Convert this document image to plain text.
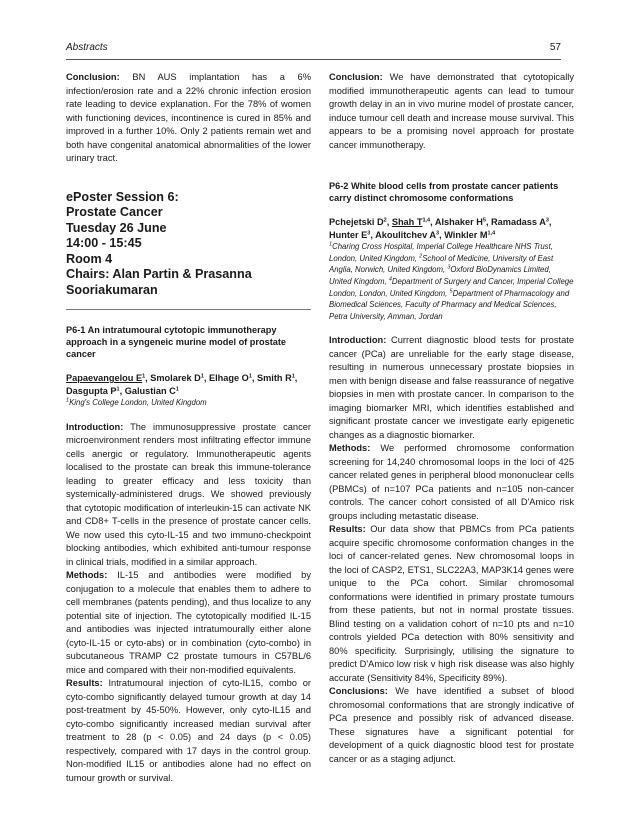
Abstracts	57

Conclusion: BN AUS implantation has a 6% infection/erosion rate and a 22% chronic infection erosion rate leading to device explanation. For the 78% of women with functioning devices, incontinence is cured in 85% and improved in a further 10%. Only 2 patients remain wet and both have congenital anatomical abnormalities of the lower urinary tract.

ePoster Session 6:
Prostate Cancer
Tuesday 26 June
14:00 - 15:45
Room 4
Chairs: Alan Partin & Prasanna
Sooriakumaran
P6-1 An intratumoural cytotopic immunotherapy approach in a syngeneic murine model of prostate cancer
Papaevangelou $E^1$, Smolarek $D^1$, Elhage $O^1$, Smith $R^1$, Dasgupta $P^1$, Galustian $C^1$
$^1$King's College London, United Kingdom

Introduction: The immunosuppressive prostate cancer microenvironment renders most infiltrating effector immune cells anergic or regulatory. Immunotherapeutic agents localised to the prostate can break this immune-tolerance leading to greater efficacy and less toxicity than systemically-administered drugs. We showed previously that cytotopic modification of interleukin-15 can activate NK and CD8+ T-cells in the presence of prostate cancer cells. We now used this cyto-IL-15 and two immuno-checkpoint blocking antibodies, which exhibited anti-tumour response in clinical trials, modified in a similar approach.

Methods: IL-15 and antibodies were modified by conjugation to a molecule that enables them to adhere to cell membranes (patents pending), and thus localize to any potential site of injection. The cytotopically modified IL-15 and antibodies was injected intratumourally either alone (cyto-IL-15 or cyto-abs) or in combination (cyto-combo) in subcutaneous TRAMP C2 prostate tumours in C57BL/6 mice and compared with their non-modified equivalents.

Results: Intratumoural injection of cyto-IL15, combo or cyto-combo significantly delayed tumour growth at day 14 post-treatment by 45-50%. However, only cyto-IL15 and cyto-combo significantly increased median survival after treatment to 28 (p < 0.05) and 24 days (p < 0.05) respectively, compared with 17 days in the control group. Non-modified IL15 or antibodies alone had no effect on tumour growth or survival.

Conclusion: We have demonstrated that cytotopically modified immunotherapeutic agents can lead to tumour growth delay in an in vivo murine model of prostate cancer, induce tumour cell death and increase mouse survival. This appears to be a promising novel approach for prostate cancer immunotherapy.

P6-2 White blood cells from prostate cancer patients carry distinct chromosome conformations
Pchejetski $D^2$, Shah T$^{1,4}$, Alshaker $H^5$, Ramadass $A^3$, Hunter $E^3$, Akoulitchev $A^3$, Winkler M$^{1,4}$
$^1$Charing Cross Hospital, Imperial College Healthcare NHS Trust, London, United Kingdom, $^2$School of Medicine, University of East Anglia, Norwich, United Kingdom, $^3$Oxford BioDynamics Limited, United Kingdom, $^4$Department of Surgery and Cancer, Imperial College London, London, United Kingdom, $^5$Department of Pharmacology and Biomedical Sciences, Faculty of Pharmacy and Medical Sciences, Petra University, Amman, Jordan

Introduction: Current diagnostic blood tests for prostate cancer (PCa) are unreliable for the early stage disease, resulting in numerous unnecessary prostate biopsies in men with benign disease and false reassurance of negative biopsies in men with prostate cancer. In comparison to the imaging biomarker MRI, which identifies established and significant prostate cancer we investigate early epigenetic changes as a diagnostic biomarker.

Methods: We performed chromosome conformation screening for 14,240 chromosomal loops in the loci of 425 cancer related genes in peripheral blood mononuclear cells (PBMCs) of n=107 PCa patients and n=105 non-cancer controls. The cancer cohort consisted of all D'Amico risk groups including metastatic disease.

Results: Our data show that PBMCs from PCa patients acquire specific chromosome conformation changes in the loci of cancer-related genes. New chromosomal loops in the loci of CASP2, ETS1, SLC22A3, MAP3K14 genes were unique to the PCa cohort. Similar chromosomal conformations were identified in primary prostate tumours from these patients, but not in normal prostate tissues. Blind testing on a validation cohort of n=10 pts and n=10 controls yielded PCa detection with 80% sensitivity and 80% specificity. Surprisingly, utilising the signature to predict D'Amico low risk v high risk disease was also highly accurate (Sensitivity 84%, Specificity 89%).

Conclusions: We have identified a subset of blood chromosomal conformations that are strongly indicative of PCa presence and possibly risk of advanced disease. These signatures have a significant potential for development of a quick diagnostic blood test for prostate cancer or as a staging adjunct.
